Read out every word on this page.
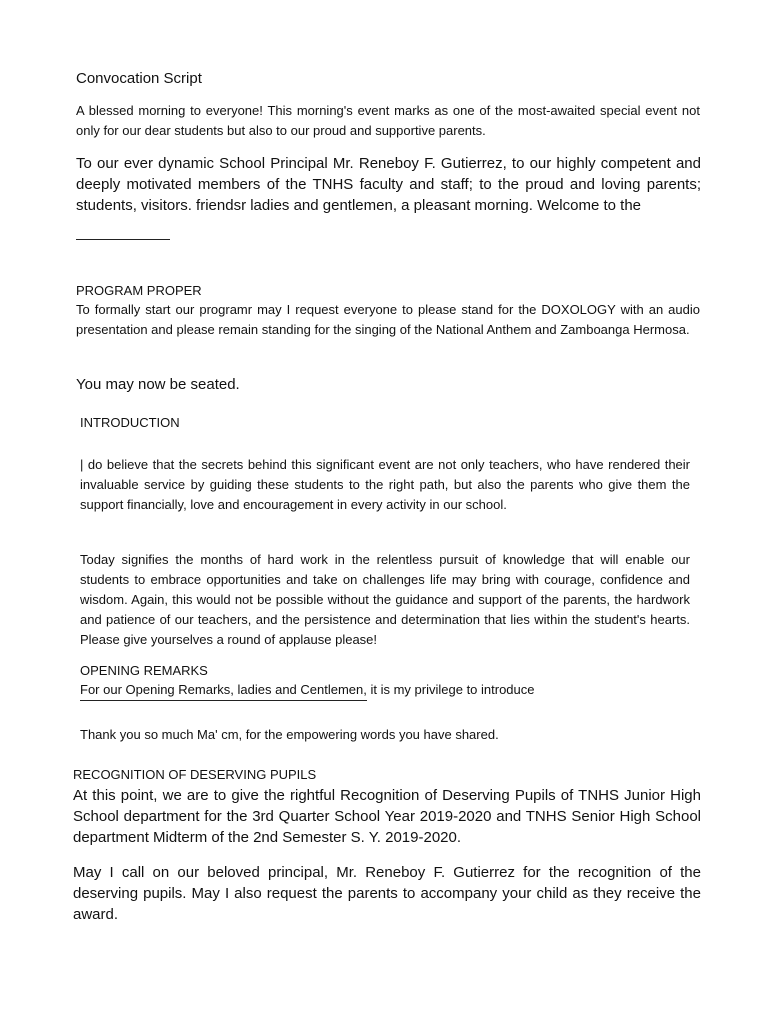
Convocation Script

A blessed morning to everyone! This morning's event marks as one of the most-awaited special event not only for our dear students but also to our proud and supportive parents.

To our ever dynamic School Principal Mr. Reneboy F. Gutierrez, to our highly competent and deeply motivated members of the TNHS faculty and staff; to the proud and loving parents; students, visitors. friendsr ladies and gentlemen, a pleasant morning. Welcome to the

PROGRAM PROPER

To formally start our programr may I request everyone to please stand for the DOXOLOGY with an audio presentation and please remain standing for the singing of the National Anthem and Zamboanga Hermosa.

You may now be seated.

INTRODUCTION

| do believe that the secrets behind this significant event are not only teachers, who have rendered their invaluable service by guiding these students to the right path, but also the parents who give them the support financially, love and encouragement in every activity in our school.

Today signifies the months of hard work in the relentless pursuit of knowledge that will enable our students to embrace opportunities and take on challenges life may bring with courage, confidence and wisdom. Again, this would not be possible without the guidance and support of the parents, the hardwork and patience of our teachers, and the persistence and determination that lies within the student's hearts. Please give yourselves a round of applause please!

OPENING REMARKS

For our Opening Remarks, ladies and Centlemen, it is my privilege to introduce

Thank you so much Ma' cm, for the empowering words you have shared.

RECOGNITION OF DESERVING PUPILS

At this point, we are to give the rightful Recognition of Deserving Pupils of TNHS Junior High School department for the 3rd Quarter School Year 2019-2020 and TNHS Senior High School department Midterm of the 2nd Semester S. Y. 2019-2020.

May I call on our beloved principal, Mr. Reneboy F. Gutierrez for the recognition of the deserving pupils. May I also request the parents to accompany your child as they receive the award.
